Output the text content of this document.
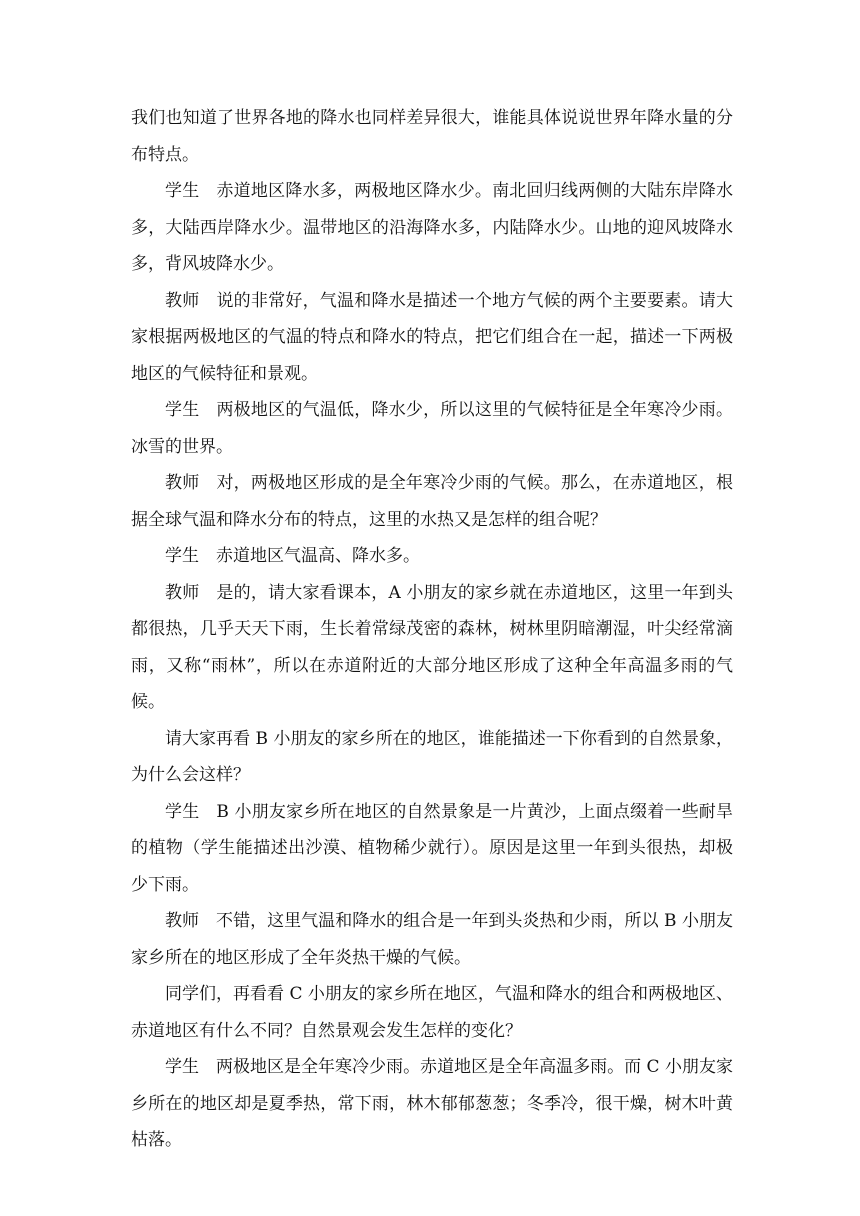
我们也知道了世界各地的降水也同样差异很大，谁能具体说说世界年降水量的分布特点。

学生 赤道地区降水多，两极地区降水少。南北回归线两侧的大陆东岸降水多，大陆西岸降水少。温带地区的沿海降水多，内陆降水少。山地的迎风坡降水多，背风坡降水少。

教师 说的非常好，气温和降水是描述一个地方气候的两个主要要素。请大家根据两极地区的气温的特点和降水的特点，把它们组合在一起，描述一下两极地区的气候特征和景观。

学生 两极地区的气温低，降水少，所以这里的气候特征是全年寒冷少雨。冰雪的世界。

教师 对，两极地区形成的是全年寒冷少雨的气候。那么，在赤道地区，根据全球气温和降水分布的特点，这里的水热又是怎样的组合呢？

学生 赤道地区气温高、降水多。

教师 是的，请大家看课本，A 小朋友的家乡就在赤道地区，这里一年到头都很热，几乎天天下雨，生长着常绿茂密的森林，树林里阴暗潮湿，叶尖经常滴雨，又称“雨林”，所以在赤道附近的大部分地区形成了这种全年高温多雨的气候。

请大家再看 B 小朋友的家乡所在的地区，谁能描述一下你看到的自然景象，为什么会这样？

学生 B 小朋友家乡所在地区的自然景象是一片黄沙，上面点缀着一些耐旱的植物（学生能描述出沙漠、植物稀少就行）。原因是这里一年到头很热，却极少下雨。

教师 不错，这里气温和降水的组合是一年到头炎热和少雨，所以 B 小朋友家乡所在的地区形成了全年炎热干燥的气候。

同学们，再看看 C 小朋友的家乡所在地区，气温和降水的组合和两极地区、赤道地区有什么不同？自然景观会发生怎样的变化？

学生 两极地区是全年寒冷少雨。赤道地区是全年高温多雨。而 C 小朋友家乡所在的地区却是夏季热，常下雨，林木郁郁葱葱；冬季冷，很干燥，树木叶黄枯落。
